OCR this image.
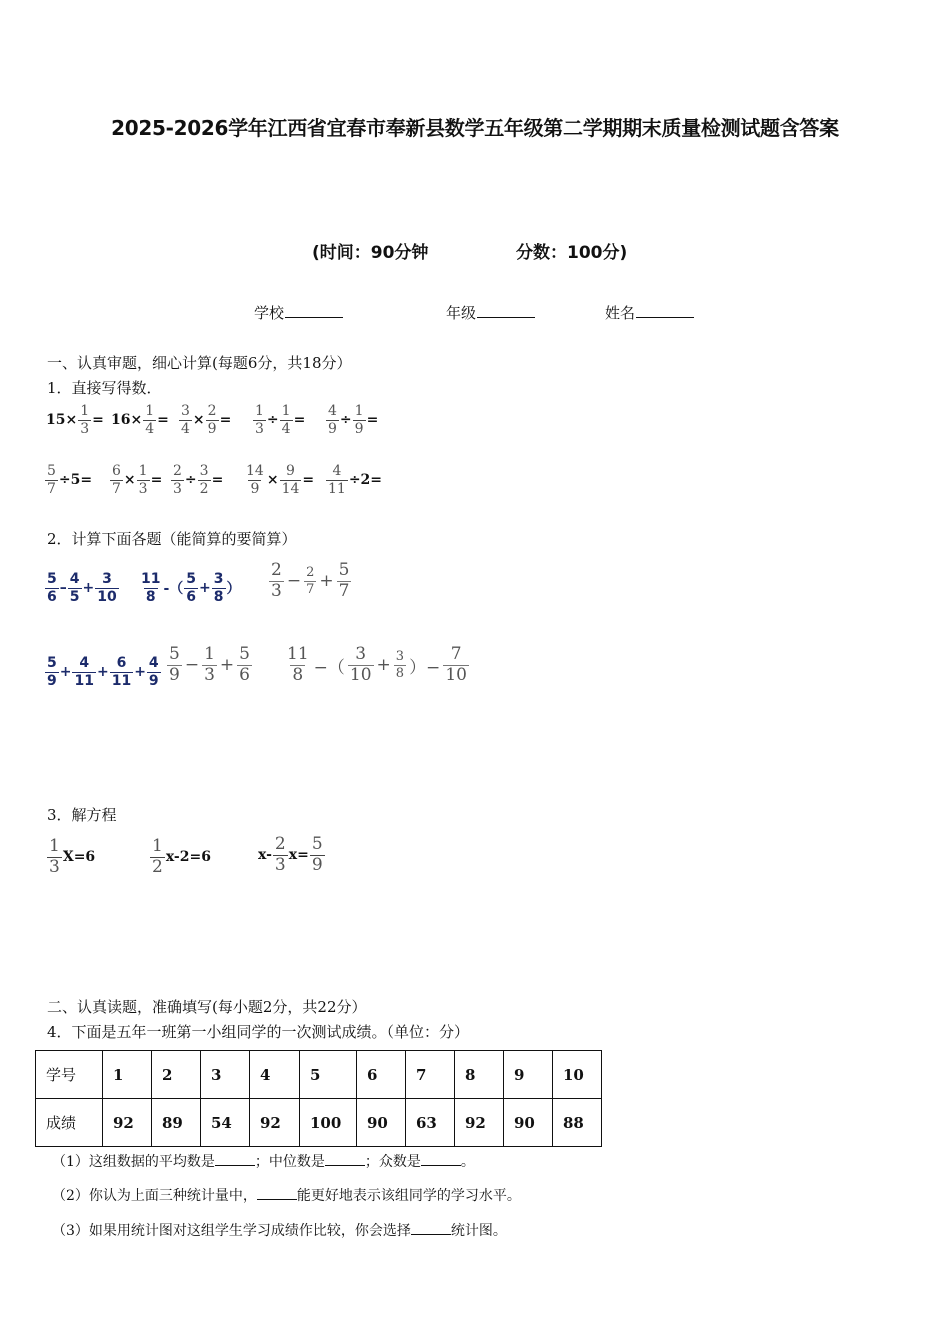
2025-2026学年江西省宜春市奉新县数学五年级第二学期期末质量检测试题含答案
(时间：90分钟	分数：100分)
学校	年级	姓名
一、认真审题，细心计算(每题6分，共18分）
1．直接写得数．
$15\times \frac{1}{3} = 16\times \frac{1}{4} = \frac{3}{4} \times \frac{2}{9} = \frac{1}{3} \div \frac{1}{4} = \frac{4}{9} \div \frac{1}{9}$ =
$\frac{5}{7} \div 5= \frac{6}{7} \times \frac{1}{3} = \frac{2}{3} \div \frac{3}{2} = \frac{14}{9} \times \frac{9}{14} = \frac{4}{11} \div 2=$
2．计算下面各题（能简算的要简算）
$\frac{5}{6} - \frac{4}{5} + \frac{3}{10} \frac{11}{8}$ -（ $\frac{5}{6} + \frac{3}{8}$ ） $\frac{2}{3} - \frac{2}{7} + \frac{5}{7}$
$\frac{5}{9} + \frac{4}{11} + \frac{6}{11} + \frac{4}{9} \frac{5}{9} - \frac{1}{3} + \frac{5}{6} \frac{11}{8}$ −（ $\frac{3}{10} + \frac{3}{8}$ ）− $\frac{7}{10}$
3．解方程
$\frac{1}{3} X=6$	$\frac{1}{2} x-2=6$	$x- \frac{2}{3} x= \frac{5}{9}$
二、认真读题，准确填写(每小题2分，共22分）
4．下面是五年一班第一小组同学的一次测试成绩。（单位：分）
学号	1	2	3	4	5	6	7	8	9	10
成绩	92	89	54	92	100	90	63	92	90	88
（1）这组数据的平均数是	；中位数是	；众数是	。
（2）你认为上面三种统计量中，	能更好地表示该组同学的学习水平。
（3）如果用统计图对这组学生学习成绩作比较，你会选择	统计图。
